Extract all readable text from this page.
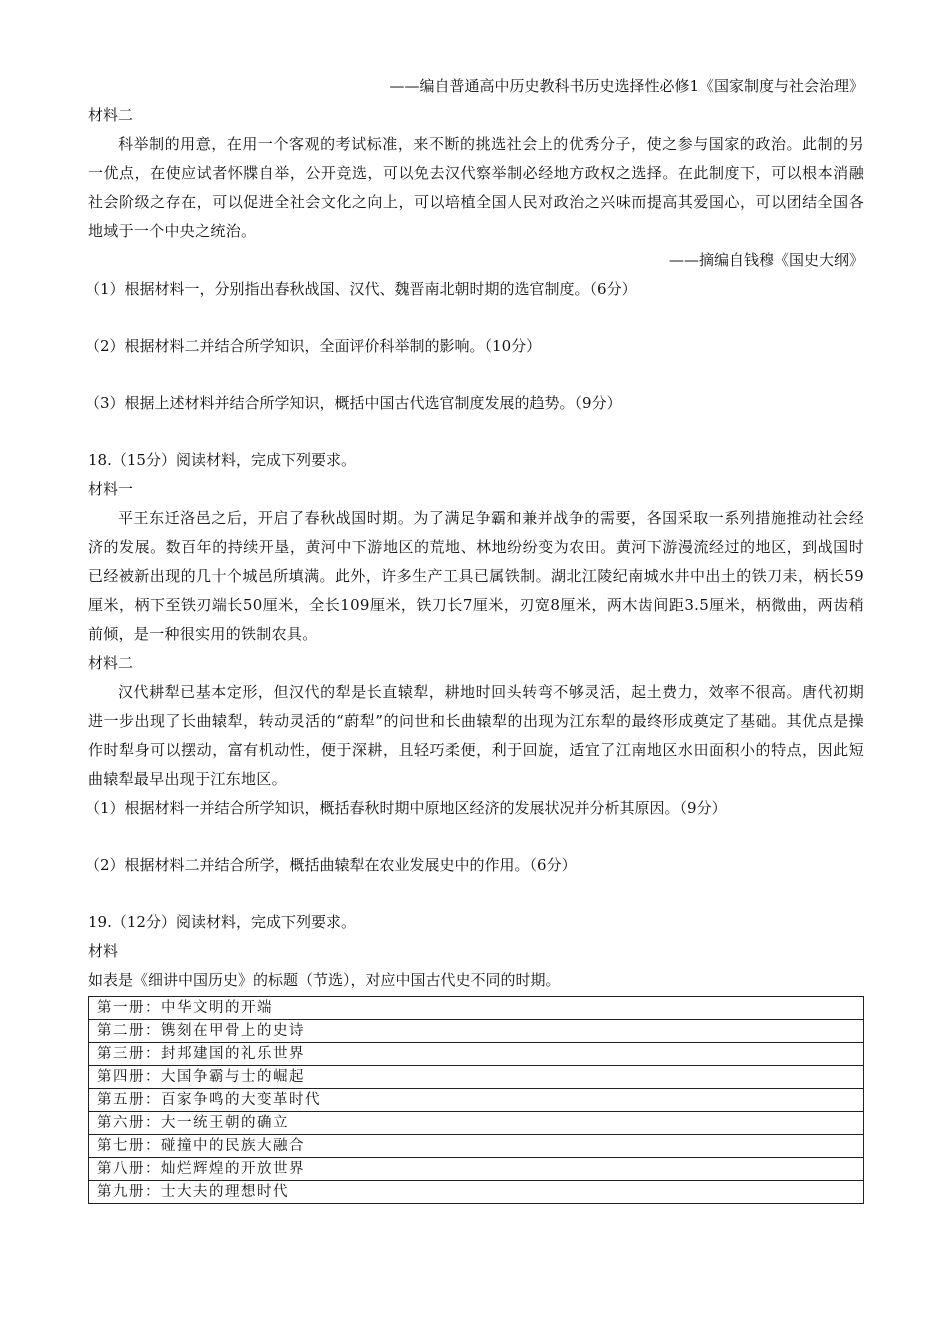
——编自普通高中历史教科书历史选择性必修1《国家制度与社会治理》
材料二
科举制的用意，在用一个客观的考试标准，来不断的挑选社会上的优秀分子，使之参与国家的政治。此制的另一优点，在使应试者怀牒自举，公开竞选，可以免去汉代察举制必经地方政权之选择。在此制度下，可以根本消融社会阶级之存在，可以促进全社会文化之向上，可以培植全国人民对政治之兴味而提高其爱国心，可以团结全国各地域于一个中央之统治。
——摘编自钱穆《国史大纲》
（1）根据材料一，分别指出春秋战国、汉代、魏晋南北朝时期的选官制度。（6分）
（2）根据材料二并结合所学知识，全面评价科举制的影响。（10分）
（3）根据上述材料并结合所学知识，概括中国古代选官制度发展的趋势。（9分）
18.（15分）阅读材料，完成下列要求。
材料一
平王东迁洛邑之后，开启了春秋战国时期。为了满足争霸和兼并战争的需要，各国采取一系列措施推动社会经济的发展。数百年的持续开垦，黄河中下游地区的荒地、林地纷纷变为农田。黄河下游漫流经过的地区，到战国时已经被新出现的几十个城邑所填满。此外，许多生产工具已属铁制。湖北江陵纪南城水井中出土的铁刀耒，柄长59厘米，柄下至铁刃端长50厘米，全长109厘米，铁刀长7厘米，刃宽8厘米，两木齿间距3.5厘米，柄微曲，两齿稍前倾，是一种很实用的铁制农具。
材料二
汉代耕犁已基本定形，但汉代的犁是长直辕犁，耕地时回头转弯不够灵活，起土费力，效率不很高。唐代初期进一步出现了长曲辕犁，转动灵活的“蔚犁”的问世和长曲辕犁的出现为江东犁的最终形成奠定了基础。其优点是操作时犁身可以摆动，富有机动性，便于深耕，且轻巧柔便，利于回旋，适宜了江南地区水田面积小的特点，因此短曲辕犁最早出现于江东地区。
（1）根据材料一并结合所学知识，概括春秋时期中原地区经济的发展状况并分析其原因。（9分）
（2）根据材料二并结合所学，概括曲辕犁在农业发展史中的作用。（6分）
19.（12分）阅读材料，完成下列要求。
材料
如表是《细讲中国历史》的标题（节选），对应中国古代史不同的时期。
第一册：中华文明的开端
第二册：镌刻在甲骨上的史诗
第三册：封邦建国的礼乐世界
第四册：大国争霸与士的崛起
第五册：百家争鸣的大变革时代
第六册：大一统王朝的确立
第七册：碰撞中的民族大融合
第八册：灿烂辉煌的开放世界
第九册：士大夫的理想时代
